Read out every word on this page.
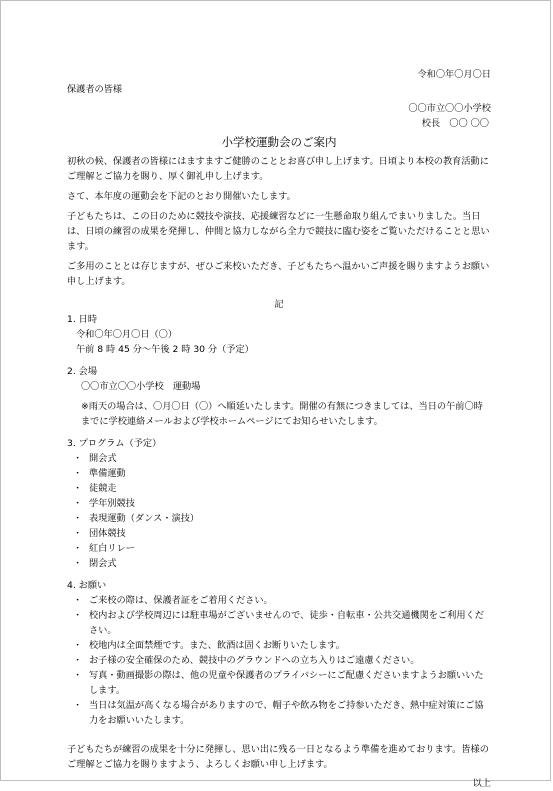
令和〇年〇月〇日

保護者の皆様

〇〇市立〇〇小学校

校長　〇〇 〇〇

小学校運動会のご案内

初秋の候、保護者の皆様にはますますご健勝のこととお喜び申し上げます。日頃より本校の教育活動にご理解とご協力を賜り、厚く御礼申し上げます。

さて、本年度の運動会を下記のとおり開催いたします。

子どもたちは、この日のために競技や演技、応援練習などに一生懸命取り組んでまいりました。当日は、日頃の練習の成果を発揮し、仲間と協力しながら全力で競技に臨む姿をご覧いただけることと思います。

ご多用のこととは存じますが、ぜひご来校いただき、子どもたちへ温かいご声援を賜りますようお願い申し上げます。

記

1. 日時

令和〇年〇月〇日（〇）

午前 8 時 45 分～午後 2 時 30 分（予定）

2. 会場

〇〇市立〇〇小学校　運動場

※雨天の場合は、〇月〇日（〇）へ順延いたします。開催の有無につきましては、当日の午前〇時までに学校連絡メールおよび学校ホームページにてお知らせいたします。

3. プログラム（予定）

・ 開会式
・ 準備運動
・ 徒競走
・ 学年別競技
・ 表現運動（ダンス・演技）
・ 団体競技
・ 紅白リレー
・ 閉会式

4. お願い

・ ご来校の際は、保護者証をご着用ください。
・ 校内および学校周辺には駐車場がございませんので、徒歩・自転車・公共交通機関をご利用ください。
・ 校地内は全面禁煙です。また、飲酒は固くお断りいたします。
・ お子様の安全確保のため、競技中のグラウンドへの立ち入りはご遠慮ください。
・ 写真・動画撮影の際は、他の児童や保護者のプライバシーにご配慮くださいますようお願いいたします。
・ 当日は気温が高くなる場合がありますので、帽子や飲み物をご持参いただき、熱中症対策にご協力をお願いいたします。

子どもたちが練習の成果を十分に発揮し、思い出に残る一日となるよう準備を進めております。皆様のご理解とご協力を賜りますよう、よろしくお願い申し上げます。

以上
